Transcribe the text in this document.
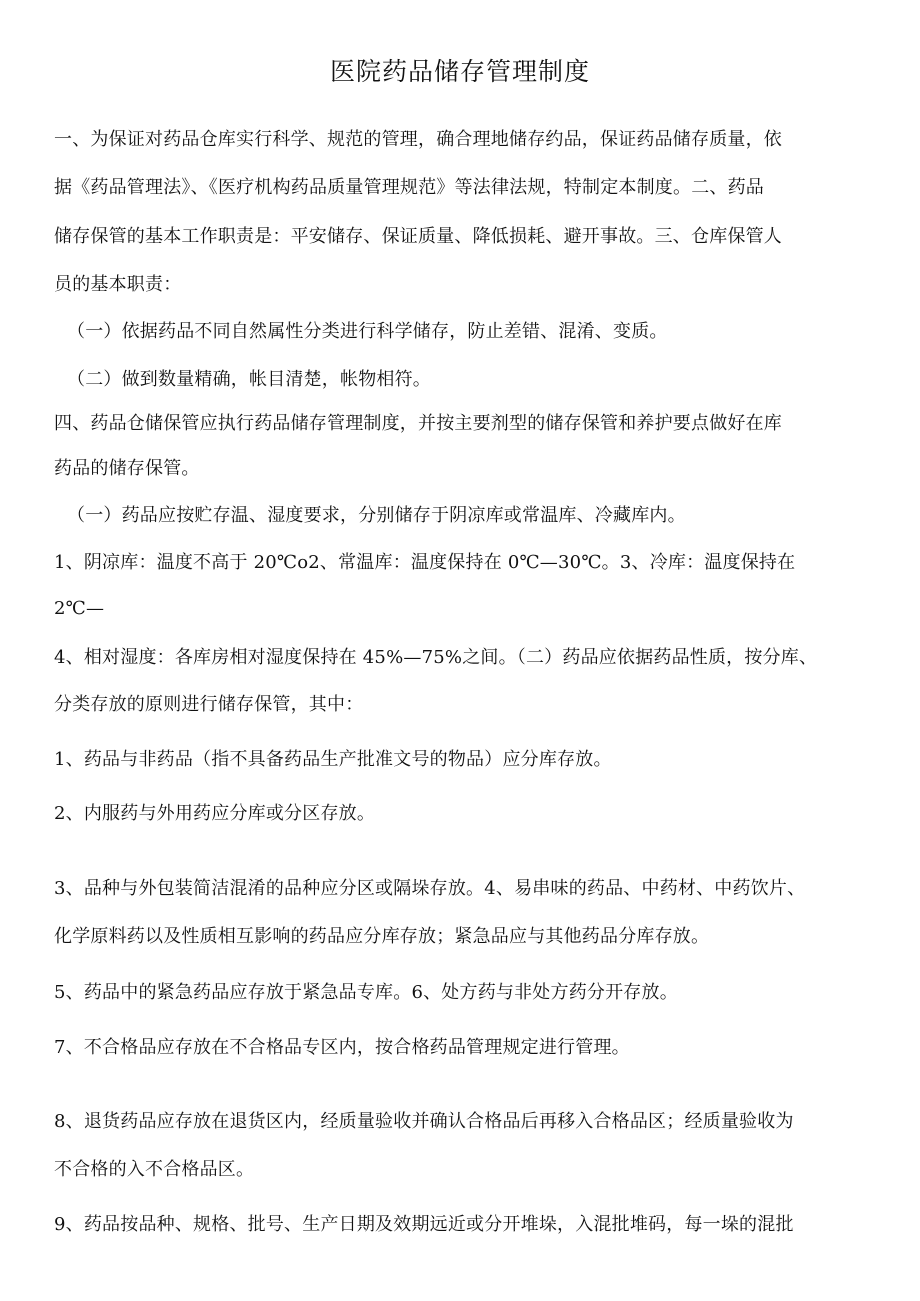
医院药品储存管理制度
一、为保证对药品仓库实行科学、规范的管理，确合理地储存约品，保证药品储存质量，依
据《药品管理法》、《医疗机构药品质量管理规范》等法律法规，特制定本制度。二、药品
储存保管的基本工作职责是：平安储存、保证质量、降低损耗、避开事故。三、仓库保管人
员的基本职责：
（一）依据药品不同自然属性分类进行科学储存，防止差错、混淆、变质。
（二）做到数量精确，帐目清楚，帐物相符。
四、药品仓储保管应执行药品储存管理制度，并按主要剂型的储存保管和养护要点做好在库
药品的储存保管。
（一）药品应按贮存温、湿度要求，分别储存于阴凉库或常温库、冷藏库内。
1、阴凉库：温度不高于 20℃o2、常温库：温度保持在 0℃—30℃。3、冷库：温度保持在
2℃—
4、相对湿度：各库房相对湿度保持在 45%—75%之间。（二）药品应依据药品性质，按分库、
分类存放的原则进行储存保管，其中：
1、药品与非药品（指不具备药品生产批准文号的物品）应分库存放。
2、内服药与外用药应分库或分区存放。
3、品种与外包装简洁混淆的品种应分区或隔垛存放。4、易串味的药品、中药材、中药饮片、
化学原料药以及性质相互影响的药品应分库存放；紧急品应与其他药品分库存放。
5、药品中的紧急药品应存放于紧急品专库。6、处方药与非处方药分开存放。
7、不合格品应存放在不合格品专区内，按合格药品管理规定进行管理。
8、退货药品应存放在退货区内，经质量验收并确认合格品后再移入合格品区；经质量验收为
不合格的入不合格品区。
9、药品按品种、规格、批号、生产日期及效期远近或分开堆垛，入混批堆码，每一垛的混批
